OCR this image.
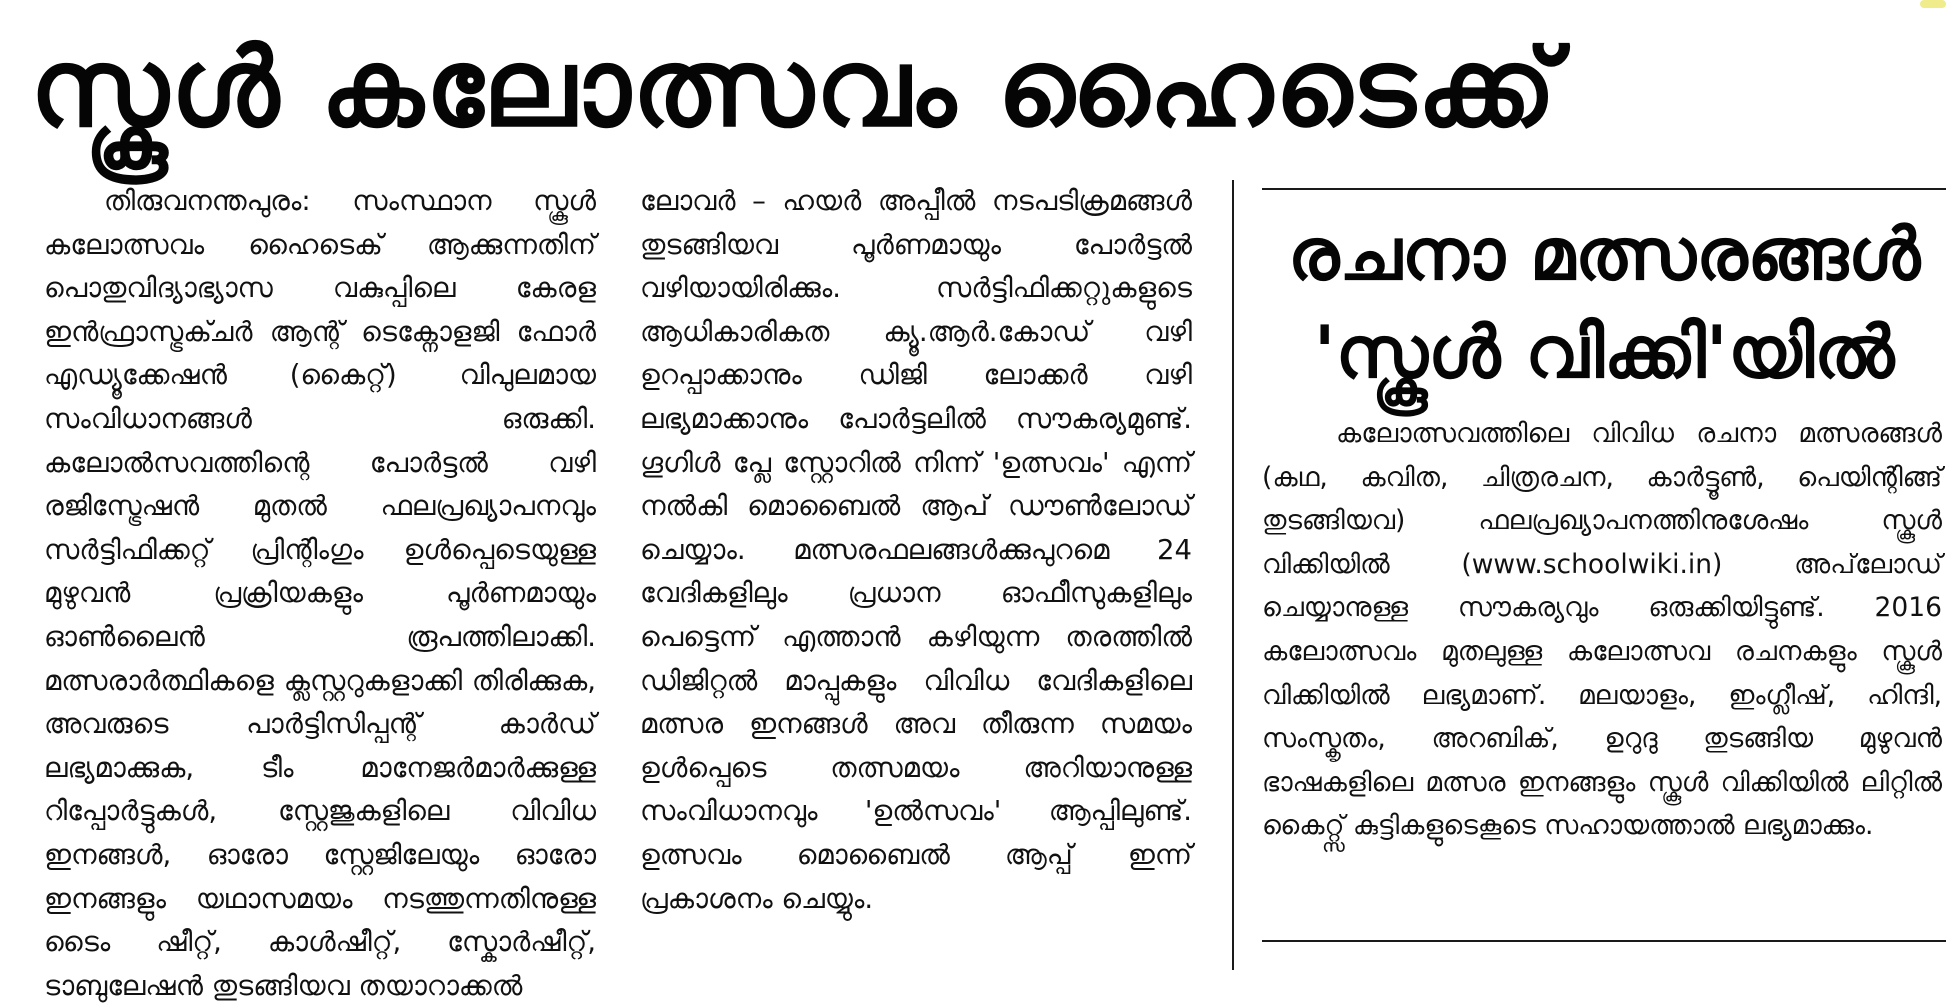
സ്കൂൾ കലോത്സവം ഹൈടെക്ക്

തിരുവനന്തപുരം: സംസ്ഥാന സ്കൂൾ കലോത്സവം ഹൈടെക് ആക്കുന്നതിന് പൊതുവിദ്യാഭ്യാസ വകുപ്പിലെ കേരള ഇൻഫ്രാസ്ട്രക്ചർ ആന്റ് ടെക്നോളജി ഫോർ എഡ്യൂക്കേഷൻ (കൈറ്റ്) വിപുലമായ സംവിധാനങ്ങൾ ഒരുക്കി. കലോൽസവത്തിന്റെ പോർട്ടൽ വഴി രജിസ്ട്രേഷൻ മുതൽ ഫലപ്രഖ്യാപനവും സർട്ടിഫിക്കറ്റ് പ്രിന്റിംഗും ഉൾപ്പെടെയുള്ള മുഴുവൻ പ്രക്രിയകളും പൂർണമായും ഓൺലൈൻ രൂപത്തിലാക്കി. മത്സരാർത്ഥികളെ ക്ലസ്റ്ററുകളാക്കി തിരിക്കുക, അവരുടെ പാർട്ടിസിപ്പന്റ് കാർഡ് ലഭ്യമാക്കുക, ടീം മാനേജർമാർക്കുള്ള റിപ്പോർട്ടുകൾ, സ്റ്റേജുകളിലെ വിവിധ ഇനങ്ങൾ, ഓരോ സ്റ്റേജിലേയും ഓരോ ഇനങ്ങളും യഥാസമയം നടത്തുന്നതിനുള്ള ടൈം ഷീറ്റ്, കാൾഷീറ്റ്, സ്കോർഷീറ്റ്, ടാബുലേഷൻ തുടങ്ങിയവ തയാറാക്കൽ

ലോവർ – ഹയർ അപ്പീൽ നടപടിക്രമങ്ങൾ തുടങ്ങിയവ പൂർണമായും പോർട്ടൽ വഴിയായിരിക്കും. സർട്ടിഫിക്കറ്റുകളുടെ ആധികാരികത ക്യൂ.ആർ.കോഡ് വഴി ഉറപ്പാക്കാനും ഡിജി ലോക്കർ വഴി ലഭ്യമാക്കാനും പോർട്ടലിൽ സൗകര്യമുണ്ട്. ഗൂഗിൾ പ്ലേ സ്റ്റോറിൽ നിന്ന് 'ഉത്സവം' എന്ന് നൽകി മൊബൈൽ ആപ് ഡൗൺലോഡ് ചെയ്യാം. മത്സരഫലങ്ങൾക്കുപുറമെ 24 വേദികളിലും പ്രധാന ഓഫീസുകളിലും പെട്ടെന്ന് എത്താൻ കഴിയുന്ന തരത്തിൽ ഡിജിറ്റൽ മാപ്പുകളും വിവിധ വേദികളിലെ മത്സര ഇനങ്ങൾ അവ തീരുന്ന സമയം ഉൾപ്പെടെ തത്സമയം അറിയാനുള്ള സംവിധാനവും 'ഉൽസവം' ആപ്പിലുണ്ട്. ഉത്സവം മൊബൈൽ ആപ്പ് ഇന്ന് പ്രകാശനം ചെയ്യും.

രചനാ മത്സരങ്ങൾ
'സ്കൂൾ വിക്കി'യിൽ

കലോത്സവത്തിലെ വിവിധ രചനാ മത്സരങ്ങൾ (കഥ, കവിത, ചിത്രരചന, കാർട്ടൂൺ, പെയിന്റിങ്ങ് തുടങ്ങിയവ) ഫലപ്രഖ്യാപനത്തിനുശേഷം സ്കൂൾ വിക്കിയിൽ (www.schoolwiki.in) അപ്‌ലോഡ് ചെയ്യാനുള്ള സൗകര്യവും ഒരുക്കിയിട്ടുണ്ട്. 2016 കലോത്സവം മുതലുള്ള കലോത്സവ രചനകളും സ്കൂൾ വിക്കിയിൽ ലഭ്യമാണ്. മലയാളം, ഇംഗ്ലീഷ്, ഹിന്ദി, സംസ്കൃതം, അറബിക്, ഉറുദു തുടങ്ങിയ മുഴുവൻ ഭാഷകളിലെ മത്സര ഇനങ്ങളും സ്കൂൾ വിക്കിയിൽ ലിറ്റിൽ കൈറ്റ്സ് കുട്ടികളുടെകൂടെ സഹായത്താൽ ലഭ്യമാക്കും.
